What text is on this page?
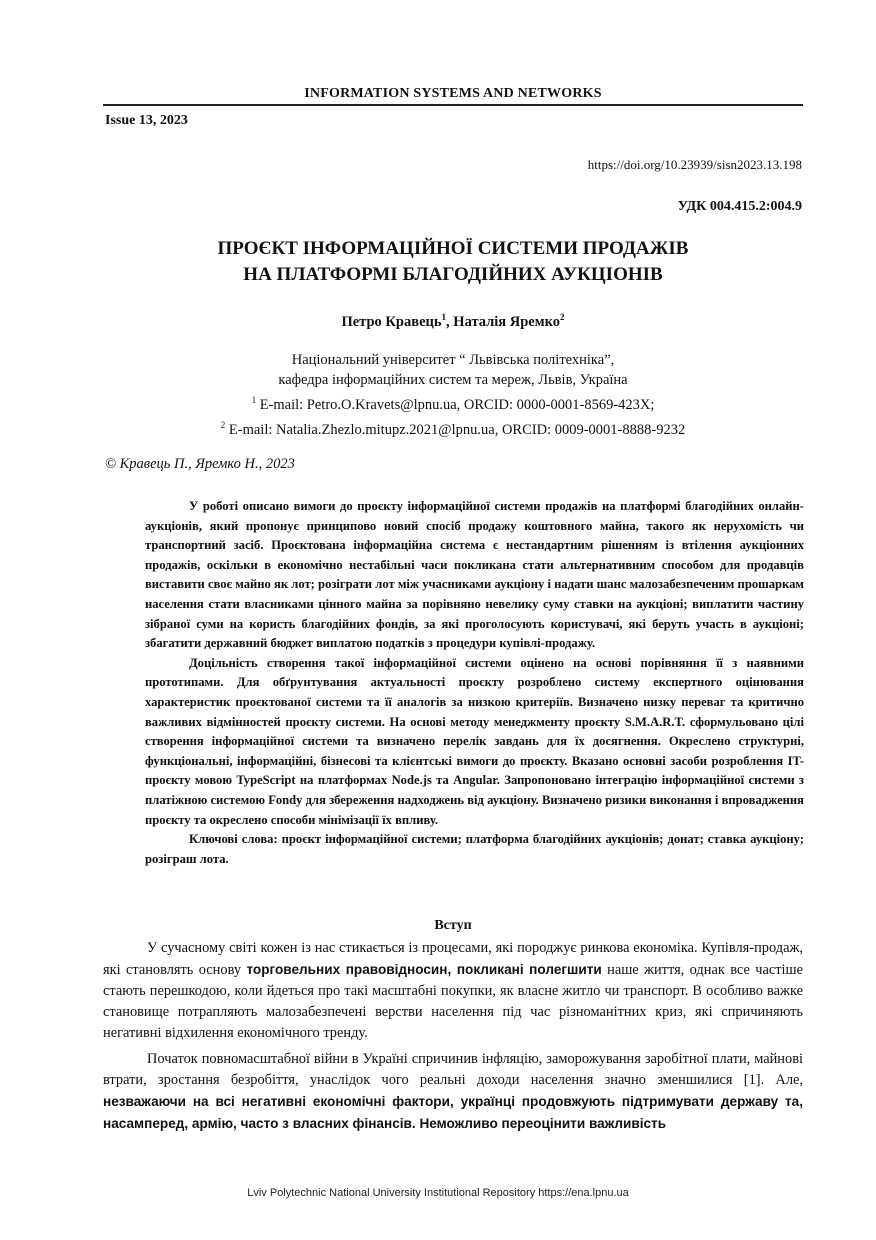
INFORMATION SYSTEMS AND NETWORKS
Issue 13, 2023
https://doi.org/10.23939/sisn2023.13.198
УДК 004.415.2:004.9
ПРОЄКТ ІНФОРМАЦІЙНОЇ СИСТЕМИ ПРОДАЖІВ
НА ПЛАТФОРМІ БЛАГОДІЙНИХ АУКЦІОНІВ
Петро Кравець$^1$, Наталія Яремко$^2$
Національний університет “ Львівська політехніка”,
кафедра інформаційних систем та мереж, Львів, Україна
$^1$ E-mail: Petro.O.Kravets@lpnu.ua, ORCID: 0000-0001-8569-423X;
$^2$ E-mail: Natalia.Zhezlo.mitupz.2021@lpnu.ua, ORCID: 0009-0001-8888-9232
© Кравець П., Яремко Н., 2023

У роботі описано вимоги до проєкту інформаційної системи продажів на платформі благодійних онлайн-аукціонів, який пропонує принципово новий спосіб продажу коштовного майна, такого як нерухомість чи транспортний засіб. Проєктована інформаційна система є нестандартним рішенням із втілення аукціонних продажів, оскільки в економічно нестабільні часи покликана стати альтернативним способом для продавців виставити своє майно як лот; розіграти лот між учасниками аукціону і надати шанс малозабезпеченим прошаркам населення стати власниками цінного майна за порівняно невелику суму ставки на аукціоні; виплатити частину зібраної суми на користь благодійних фондів, за які проголосують користувачі, які беруть участь в аукціоні; збагатити державний бюджет виплатою податків з процедури купівлі-продажу.

Доцільність створення такої інформаційної системи оцінено на основі порівняння її з наявними прототипами. Для обґрунтування актуальності проєкту розроблено систему експертного оцінювання характеристик проєктованої системи та її аналогів за низкою критеріїв. Визначено низку переваг та критично важливих відмінностей проєкту системи. На основі методу менеджменту проєкту S.M.A.R.T. сформульовано цілі створення інформаційної системи та визначено перелік завдань для їх досягнення. Окреслено структурні, функціональні, інформаційні, бізнесові та клієнтські вимоги до проєкту. Вказано основні засоби розроблення IT-проєкту мовою TypeScript на платформах Node.js та Angular. Запропоновано інтеграцію інформаційної системи з платіжною системою Fondy для збереження надходжень від аукціону. Визначено ризики виконання і впровадження проєкту та окреслено способи мінімізації їх впливу.

Ключові слова: проєкт інформаційної системи; платформа благодійних аукціонів; донат; ставка аукціону; розіграш лота.

Вступ

У сучасному світі кожен із нас стикається із процесами, які породжує ринкова економіка. Купівля-продаж, які становлять основу торговельних правовідносин, покликані полегшити наше життя, однак все частіше стають перешкодою, коли йдеться про такі масштабні покупки, як власне житло чи транспорт. В особливо важке становище потрапляють малозабезпечені верстви населення під час різноманітних криз, які спричиняють негативні відхилення економічного тренду.

Початок повномасштабної війни в Україні спричинив інфляцію, заморожування заробітної плати, майнові втрати, зростання безробіття, унаслідок чого реальні доходи населення значно зменшилися [1]. Але, незважаючи на всі негативні економічні фактори, українці продовжують підтримувати державу та, насамперед, армію, часто з власних фінансів. Неможливо переоцінити важливість

Lviv Polytechnic National University Institutional Repository https://ena.lpnu.ua
